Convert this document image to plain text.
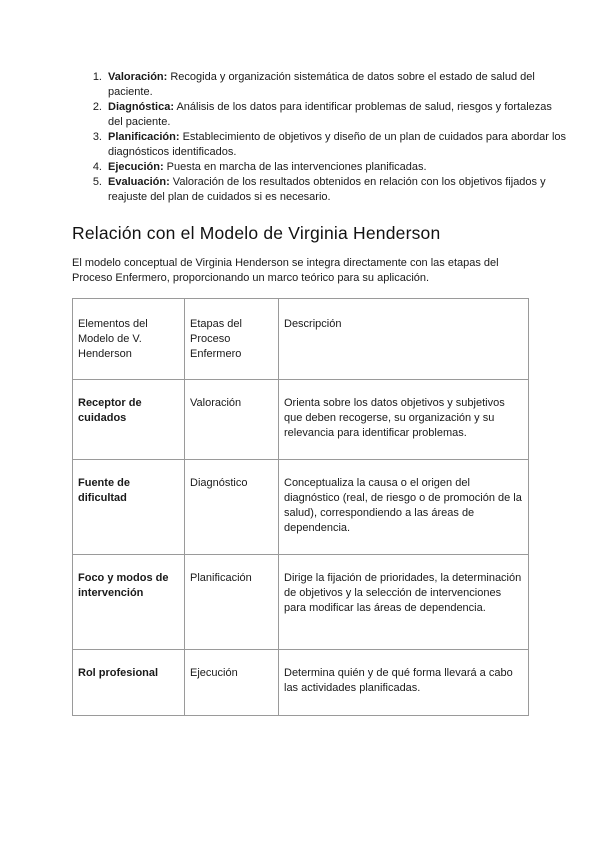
1. Valoración: Recogida y organización sistemática de datos sobre el estado de salud del paciente.
2. Diagnóstica: Análisis de los datos para identificar problemas de salud, riesgos y fortalezas del paciente.
3. Planificación: Establecimiento de objetivos y diseño de un plan de cuidados para abordar los diagnósticos identificados.
4. Ejecución: Puesta en marcha de las intervenciones planificadas.
5. Evaluación: Valoración de los resultados obtenidos en relación con los objetivos fijados y reajuste del plan de cuidados si es necesario.
Relación con el Modelo de Virginia Henderson

El modelo conceptual de Virginia Henderson se integra directamente con las etapas del Proceso Enfermero, proporcionando un marco teórico para su aplicación.

Elementos del Modelo de V. Henderson	Etapas del Proceso Enfermero	Descripción
Receptor de cuidados	Valoración	Orienta sobre los datos objetivos y subjetivos que deben recogerse, su organización y su relevancia para identificar problemas.
Fuente de dificultad	Diagnóstico	Conceptualiza la causa o el origen del diagnóstico (real, de riesgo o de promoción de la salud), correspondiendo a las áreas de dependencia.
Foco y modos de intervención	Planificación	Dirige la fijación de prioridades, la determinación de objetivos y la selección de intervenciones para modificar las áreas de dependencia.
Rol profesional	Ejecución	Determina quién y de qué forma llevará a cabo las actividades planificadas.
